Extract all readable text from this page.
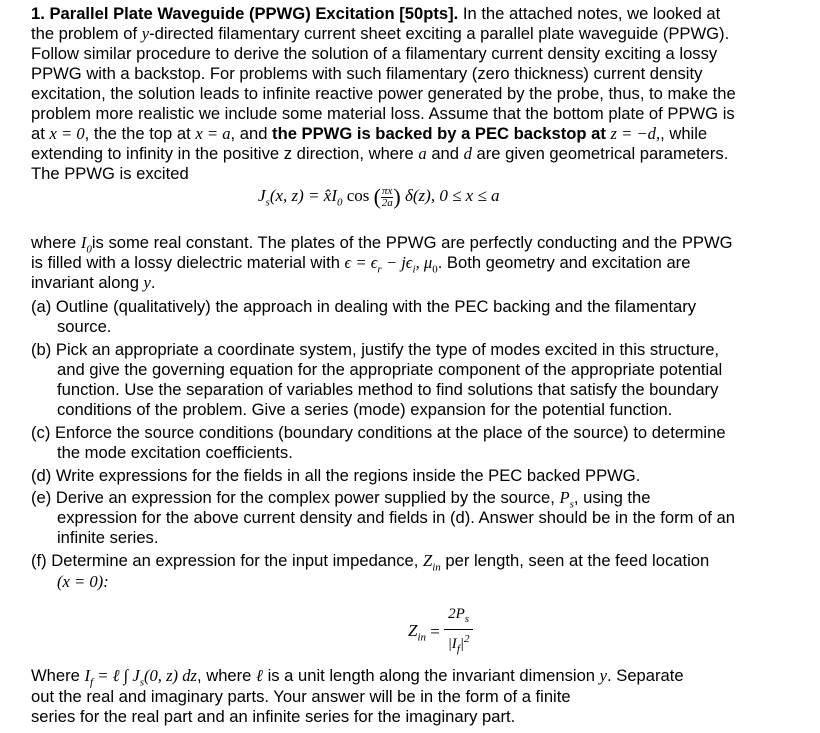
1. Parallel Plate Waveguide (PPWG) Excitation [50pts]. In the attached notes, we looked at
the problem of y-directed filamentary current sheet exciting a parallel plate waveguide (PPWG).
Follow similar procedure to derive the solution of a filamentary current density exciting a lossy
PPWG with a backstop. For problems with such filamentary (zero thickness) current density
excitation, the solution leads to infinite reactive power generated by the probe, thus, to make the
problem more realistic we include some material loss. Assume that the bottom plate of PPWG is
at x = 0, the the top at x = a, and the PPWG is backed by a PEC backstop at z = −d,, while
extending to infinity in the positive z direction, where a and d are given geometrical parameters.
The PPWG is excited
$J_s(x$, $z) = x̂I_0$ cos ( $\frac{\pi x}{2a}$ ) δ(z), 0 ≤ x ≤ a
where $I_0is$ some real constant. The plates of the PPWG are perfectly conducting and the PPWG
is filled with a lossy dielectric material with $\epsilon = \epsilon_r - j\epsilon_i$, $\mu_0$. Both geometry and excitation are
invariant along y.
(a) Outline (qualitatively) the approach in dealing with the PEC backing and the filamentary
source.
(b) Pick an appropriate a coordinate system, justify the type of modes excited in this structure,
and give the governing equation for the appropriate component of the appropriate potential
function. Use the separation of variables method to find solutions that satisfy the boundary
conditions of the problem. Give a series (mode) expansion for the potential function.
(c) Enforce the source conditions (boundary conditions at the place of the source) to determine
the mode excitation coefficients.
(d) Write expressions for the fields in all the regions inside the PEC backed PPWG.
(e) Derive an expression for the complex power supplied by the source, $P_s$, using the
expression for the above current density and fields in (d). Answer should be in the form of an
infinite series.
(f) Determine an expression for the input impedance, $Z_{in}$ per length, seen at the feed location
(x = 0):
$Z_{in} = \frac{2P_s}{|I_f|^2}$
Where $I_f$ = ℓ ∫ $J_s(0$, z) dz, where ℓ is a unit length along the invariant dimension y. Separate
out the real and imaginary parts. Your answer will be in the form of a finite
series for the real part and an infinite series for the imaginary part.
